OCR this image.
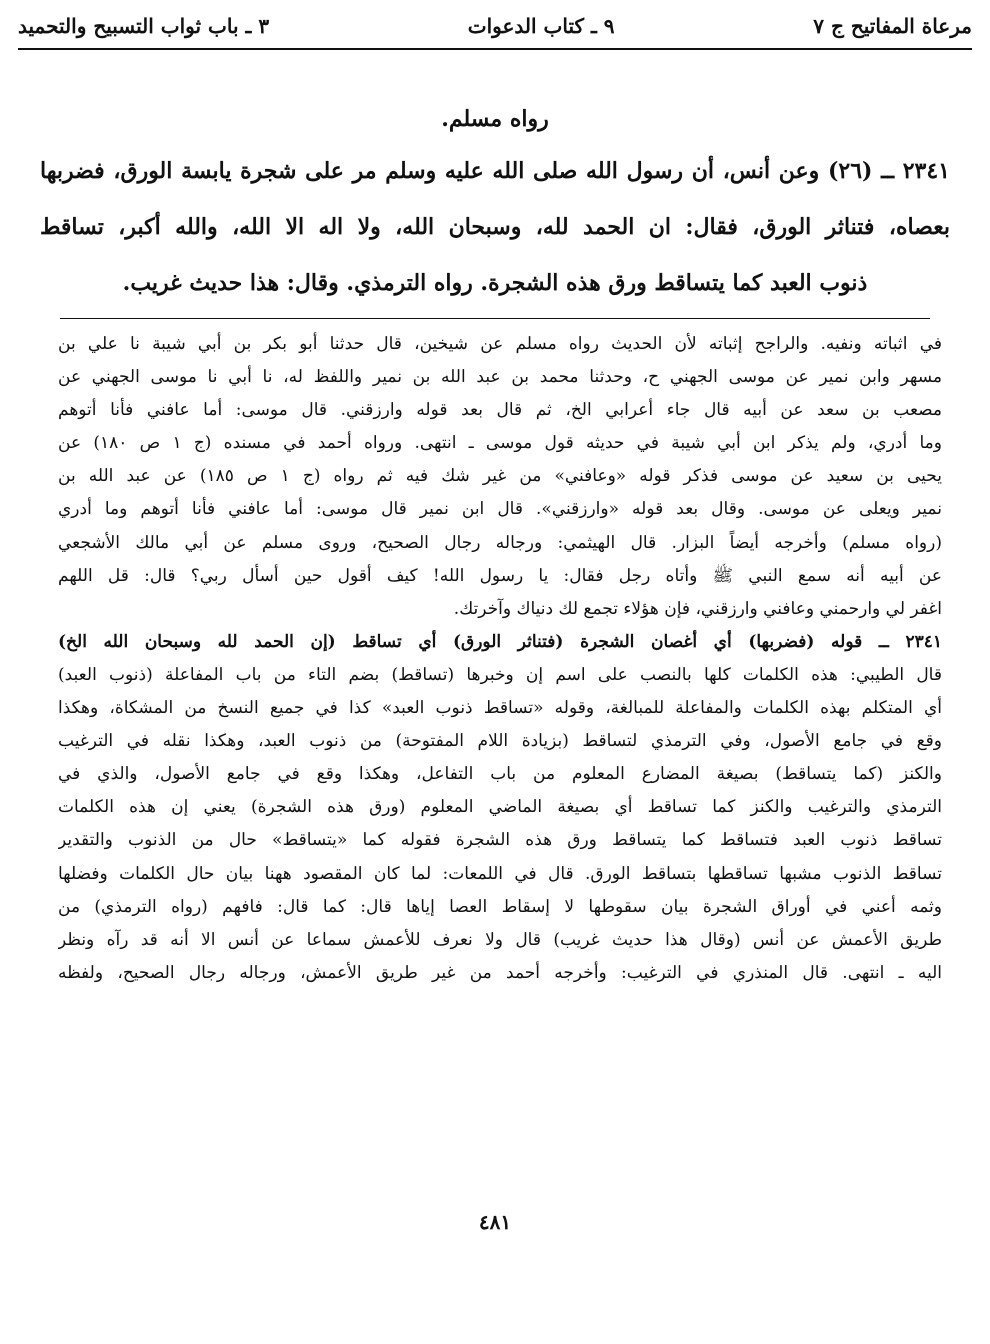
مرعاة المفاتيح ج ٧
٩ ـ كتاب الدعوات
٣ ـ باب ثواب التسبيح والتحميد
رواه مسلم.
٢٣٤١ ــ (٢٦) وعن أنس، أن رسول الله صلى الله عليه وسلم مر على شجرة يابسة الورق، فضربها
بعصاه، فتناثر الورق، فقال: ان الحمد لله، وسبحان الله، ولا اله الا الله، والله أكبر، تساقط
ذنوب العبد كما يتساقط ورق هذه الشجرة. رواه الترمذي. وقال: هذا حديث غريب.
في اثباته ونفيه. والراجح إثباته لأن الحديث رواه مسلم عن شيخين، قال حدثنا أبو بكر بن أبي شيبة نا علي بن
مسهر وابن نمير عن موسى الجهني ح، وحدثنا محمد بن عبد الله بن نمير واللفظ له، نا أبي نا موسى الجهني عن
مصعب بن سعد عن أبيه قال جاء أعرابي الخ، ثم قال بعد قوله وارزقني. قال موسى: أما عافني فأنا أتوهم
وما أدري، ولم يذكر ابن أبي شيبة في حديثه قول موسى ـ انتهى. ورواه أحمد في مسنده (ج ١ ص ١٨٠) عن
يحيى بن سعيد عن موسى فذكر قوله «وعافني» من غير شك فيه ثم رواه (ج ١ ص ١٨٥) عن عبد الله بن
نمير ويعلى عن موسى. وقال بعد قوله «وارزقني». قال ابن نمير قال موسى: أما عافني فأنا أتوهم وما أدري
(رواه مسلم) وأخرجه أيضاً البزار. قال الهيثمي: ورجاله رجال الصحيح، وروى مسلم عن أبي مالك الأشجعي
عن أبيه أنه سمع النبي ﷺ وأتاه رجل فقال: يا رسول الله! كيف أقول حين أسأل ربي؟ قال: قل اللهم
اغفر لي وارحمني وعافني وارزقني، فإن هؤلاء تجمع لك دنياك وآخرتك.
٢٣٤١ ــ قوله (فضربها) أي أغصان الشجرة (فتناثر الورق) أي تساقط (إن الحمد لله وسبحان الله الخ)
قال الطيبي: هذه الكلمات كلها بالنصب على اسم إن وخبرها (تساقط) بضم التاء من باب المفاعلة (ذنوب العبد)
أي المتكلم بهذه الكلمات والمفاعلة للمبالغة، وقوله «تساقط ذنوب العبد» كذا في جميع النسخ من المشكاة، وهكذا
وقع في جامع الأصول، وفي الترمذي لتساقط (بزيادة اللام المفتوحة) من ذنوب العبد، وهكذا نقله في الترغيب
والكنز (كما يتساقط) بصيغة المضارع المعلوم من باب التفاعل، وهكذا وقع في جامع الأصول، والذي في
الترمذي والترغيب والكنز كما تساقط أي بصيغة الماضي المعلوم (ورق هذه الشجرة) يعني إن هذه الكلمات
تساقط ذنوب العبد فتساقط كما يتساقط ورق هذه الشجرة فقوله كما «يتساقط» حال من الذنوب والتقدير
تساقط الذنوب مشبها تساقطها بتساقط الورق. قال في اللمعات: لما كان المقصود ههنا بيان حال الكلمات وفضلها
وثمه أعني في أوراق الشجرة بيان سقوطها لا إسقاط العصا إياها قال: كما قال: فافهم (رواه الترمذي) من
طريق الأعمش عن أنس (وقال هذا حديث غريب) قال ولا نعرف للأعمش سماعا عن أنس الا أنه قد رآه ونظر
اليه ـ انتهى. قال المنذري في الترغيب: وأخرجه أحمد من غير طريق الأعمش، ورجاله رجال الصحيح، ولفظه
٤٨١
